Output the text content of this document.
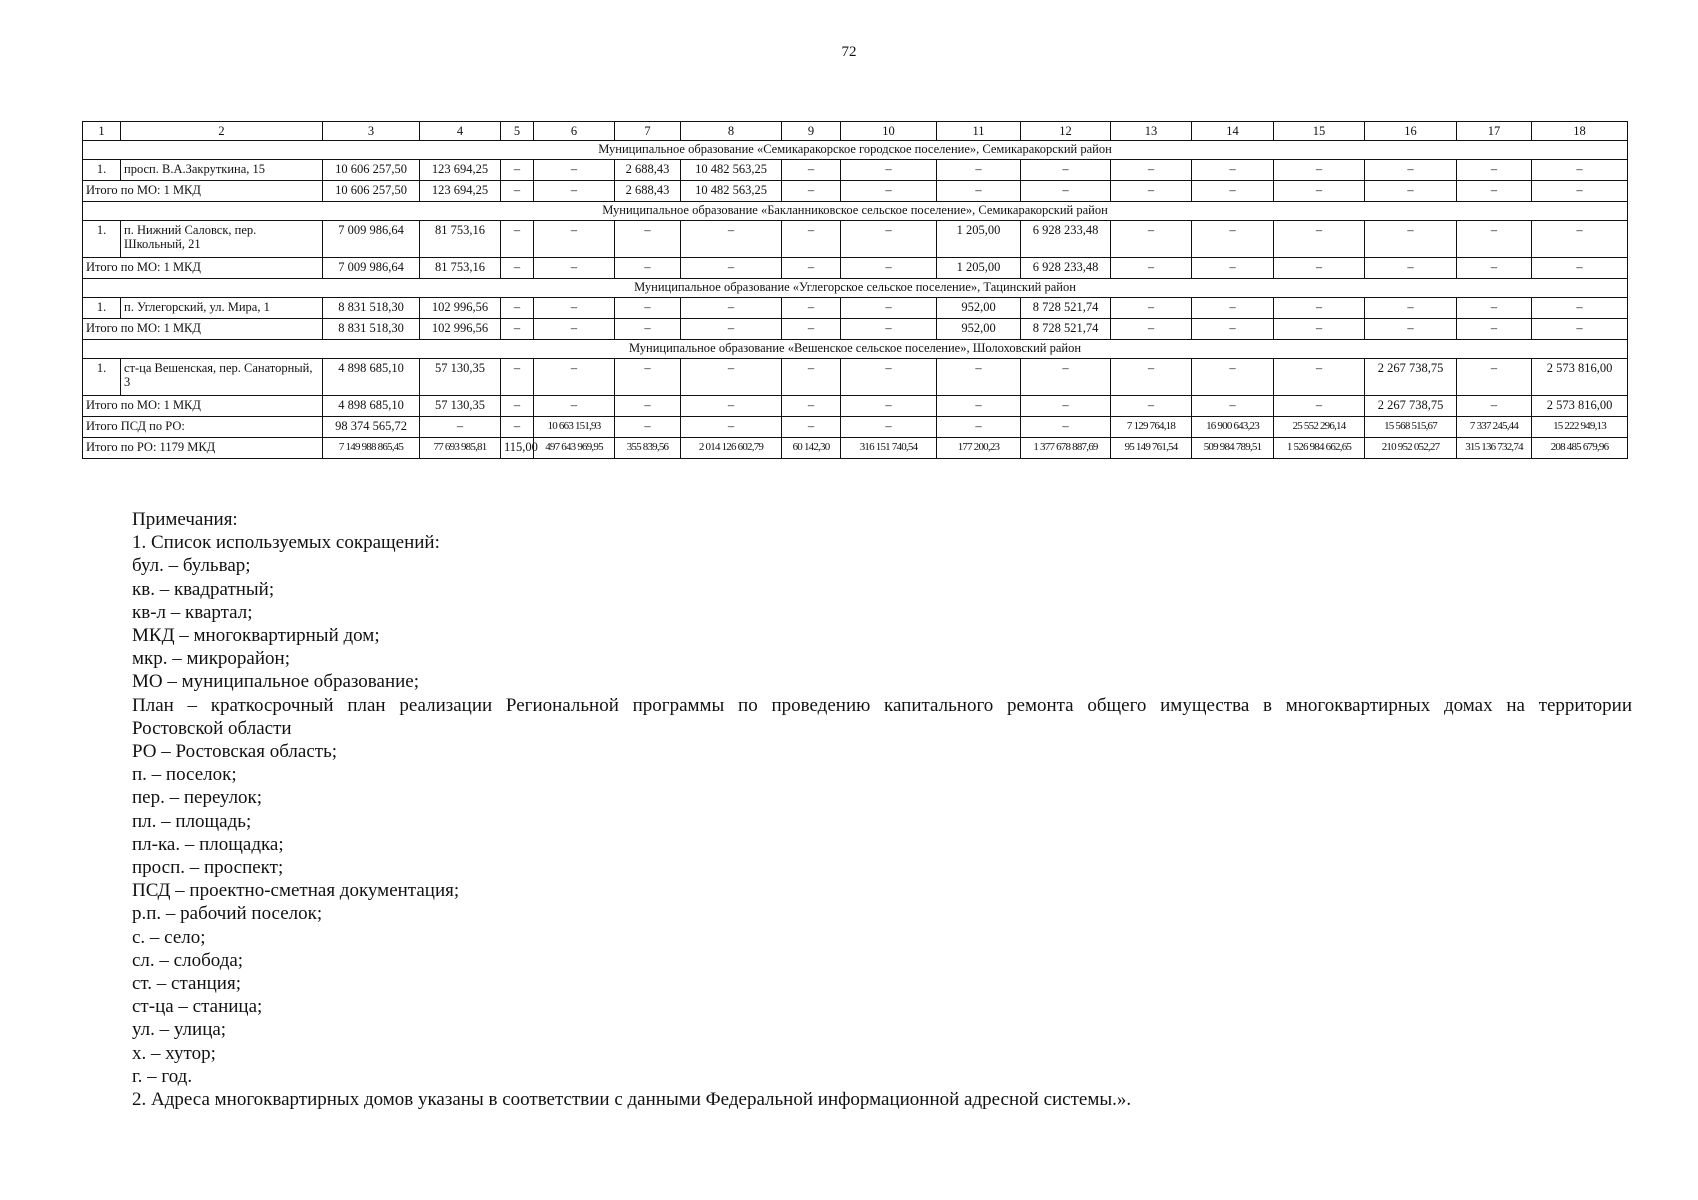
72
1	2	3	4	5	6	7	8	9	10	11	12	13	14	15	16	17	18
Муниципальное образование «Семикаракорское городское поселение», Семикаракорский район																	
1.	просп. В.А.Закруткина, 15	10 606 257,50	123 694,25	–	–	2 688,43	10 482 563,25	–	–	–	–	–	–	–	–	–	–
Итого по МО: 1 МКД		10 606 257,50	123 694,25	–	–	2 688,43	10 482 563,25	–	–	–	–	–	–	–	–	–	–
Муниципальное образование «Бакланниковское сельское поселение», Семикаракорский район																	
1.	п. Нижний Саловск, пер. Школьный, 21	7 009 986,64	81 753,16	–	–	–	–	–	–	1 205,00	6 928 233,48	–	–	–	–	–	–
Итого по МО: 1 МКД		7 009 986,64	81 753,16	–	–	–	–	–	–	1 205,00	6 928 233,48	–	–	–	–	–	–
Муниципальное образование «Углегорское сельское поселение», Тацинский район																	
1.	п. Углегорский, ул. Мира, 1	8 831 518,30	102 996,56	–	–	–	–	–	–	952,00	8 728 521,74	–	–	–	–	–	–
Итого по МО: 1 МКД		8 831 518,30	102 996,56	–	–	–	–	–	–	952,00	8 728 521,74	–	–	–	–	–	–
Муниципальное образование «Вешенское сельское поселение», Шолоховский район																	
1.	ст-ца Вешенская, пер. Санаторный, 3	4 898 685,10	57 130,35	–	–	–	–	–	–	–	–	–	–	–	2 267 738,75	–	2 573 816,00
Итого по МО: 1 МКД		4 898 685,10	57 130,35	–	–	–	–	–	–	–	–	–	–	–	2 267 738,75	–	2 573 816,00
Итого ПСД по РО:		98 374 565,72	–	–	10 663 151,93	–	–	–	–	–	–	7 129 764,18	16 900 643,23	25 552 296,14	15 568 515,67	7 337 245,44	15 222 949,13
Итого по РО: 1179 МКД		7 149 988 865,45	77 693 985,81	115,00	497 643 969,95	355 839,56	2 014 126 602,79	60 142,30	316 151 740,54	177 200,23	1 377 678 887,69	95 149 761,54	509 984 789,51	1 526 984 662,65	210 952 052,27	315 136 732,74	208 485 679,96
Примечания:
1. Список используемых сокращений:
бул. – бульвар;
кв. – квадратный;
кв-л – квартал;
МКД – многоквартирный дом;
мкр. – микрорайон;
МО – муниципальное образование;
План – краткосрочный план реализации Региональной программы по проведению капитального ремонта общего имущества в многоквартирных домах на территории
Ростовской области
РО – Ростовская область;
п. – поселок;
пер. – переулок;
пл. – площадь;
пл-ка. – площадка;
просп. – проспект;
ПСД – проектно-сметная документация;
р.п. – рабочий поселок;
с. – село;
сл. – слобода;
ст. – станция;
ст-ца – станица;
ул. – улица;
х. – хутор;
г. – год.
2. Адреса многоквартирных домов указаны в соответствии с данными Федеральной информационной адресной системы.».
